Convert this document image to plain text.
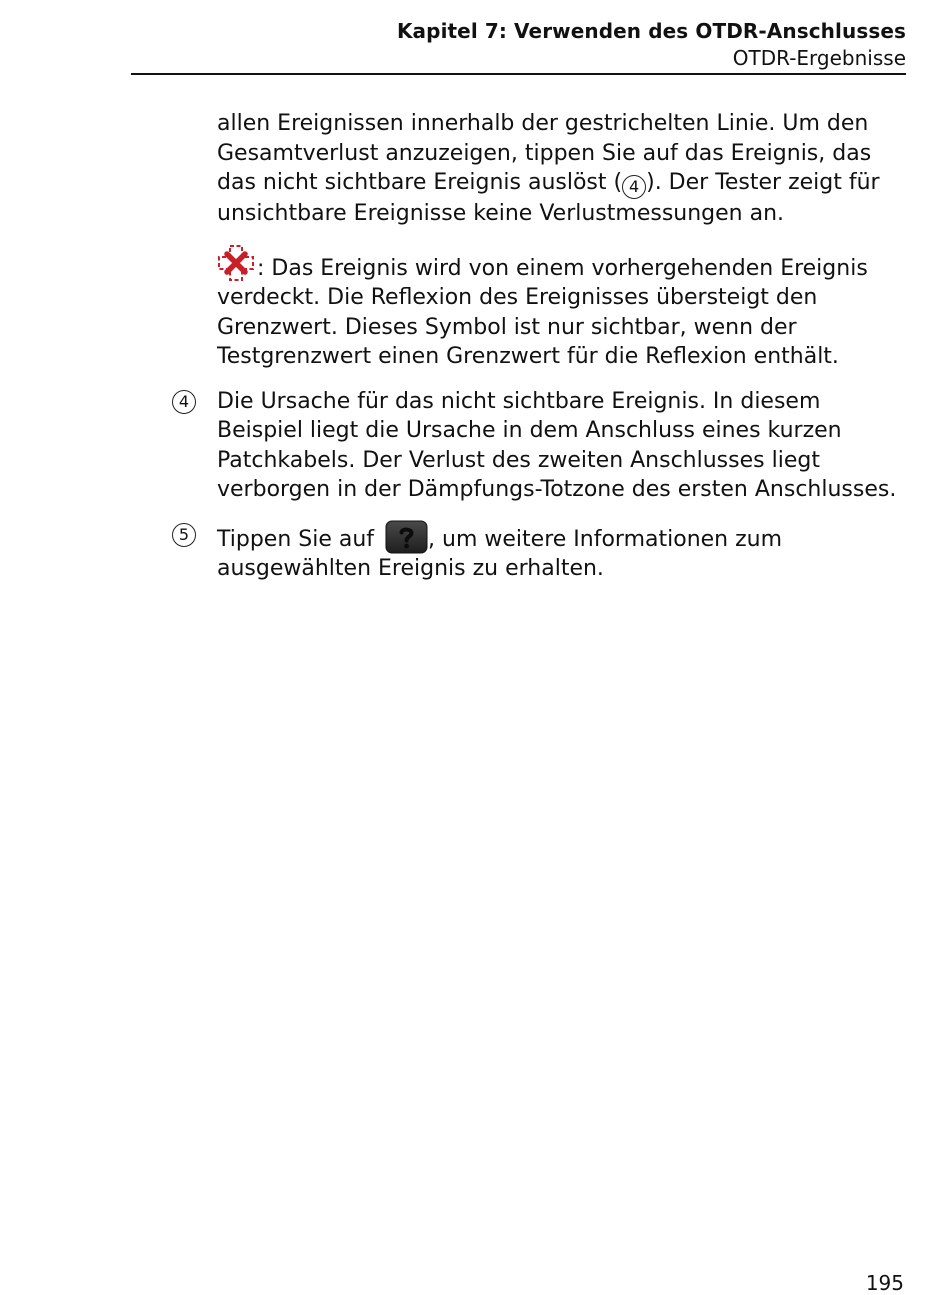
Kapitel 7: Verwenden des OTDR-Anschlusses
OTDR-Ergebnisse

allen Ereignissen innerhalb der gestrichelten Linie. Um den Gesamtverlust anzuzeigen, tippen Sie auf das Ereignis, das das nicht sichtbare Ereignis auslöst ( 4 ). Der Tester zeigt für unsichtbare Ereignisse keine Verlustmessungen an.

: Das Ereignis wird von einem vorhergehenden Ereignis verdeckt. Die Reflexion des Ereignisses übersteigt den Grenzwert. Dieses Symbol ist nur sichtbar, wenn der Testgrenzwert einen Grenzwert für die Reflexion enthält.

4	Die Ursache für das nicht sichtbare Ereignis. In diesem Beispiel liegt die Ursache in dem Anschluss eines kurzen Patchkabels. Der Verlust des zweiten Anschlusses liegt verborgen in der Dämpfungs-Totzone des ersten Anschlusses.

5	Tippen Sie auf , um weitere Informationen zum ausgewählten Ereignis zu erhalten.

195
